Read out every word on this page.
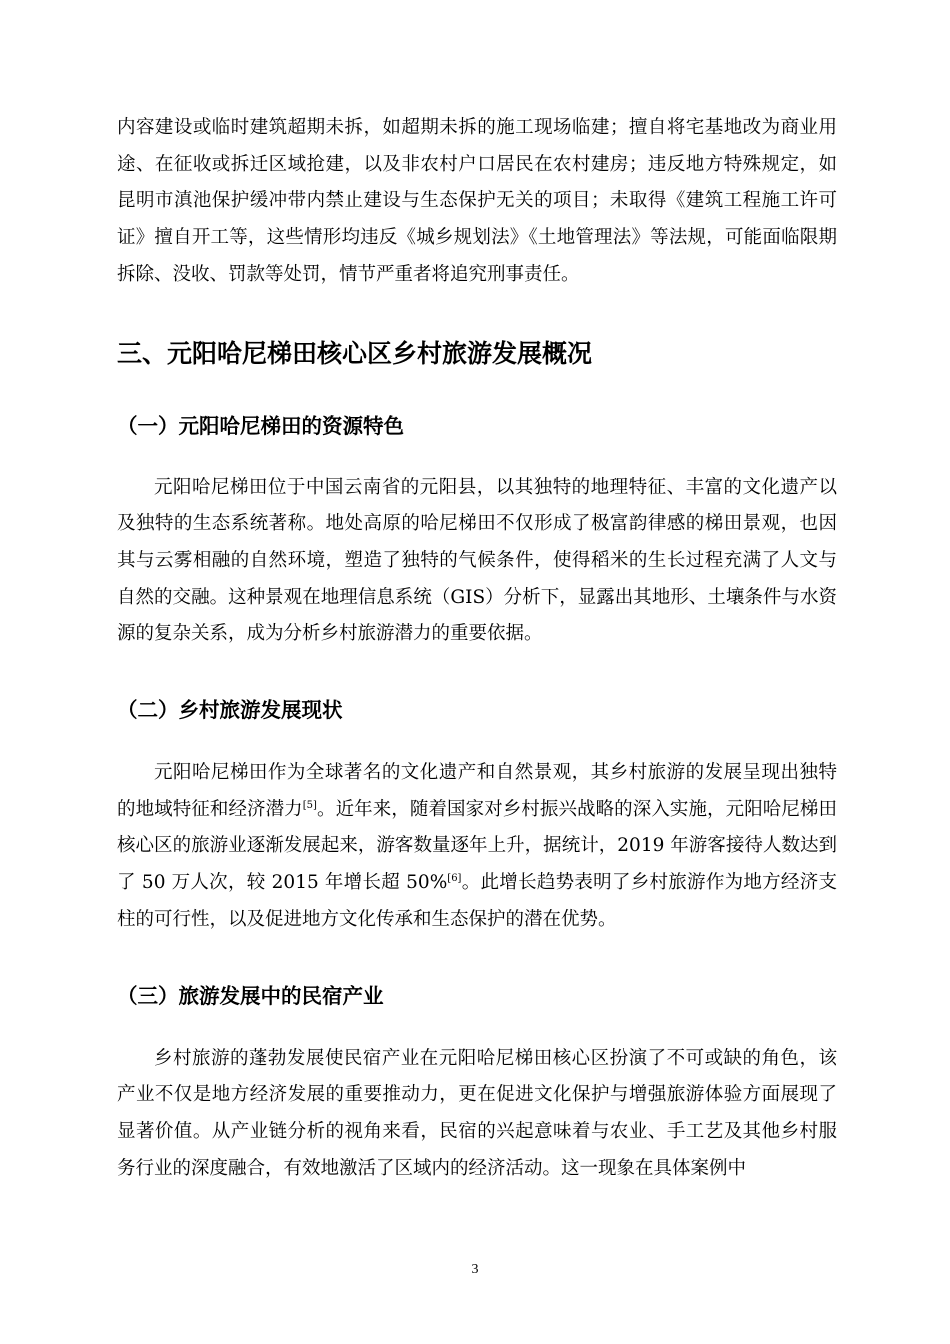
内容建设或临时建筑超期未拆，如超期未拆的施工现场临建；擅自将宅基地改为商业用途、在征收或拆迁区域抢建，以及非农村户口居民在农村建房；违反地方特殊规定，如昆明市滇池保护缓冲带内禁止建设与生态保护无关的项目；未取得《建筑工程施工许可证》擅自开工等，这些情形均违反《城乡规划法》《土地管理法》等法规，可能面临限期拆除、没收、罚款等处罚，情节严重者将追究刑事责任。

三、元阳哈尼梯田核心区乡村旅游发展概况
（一）元阳哈尼梯田的资源特色

元阳哈尼梯田位于中国云南省的元阳县，以其独特的地理特征、丰富的文化遗产以及独特的生态系统著称。地处高原的哈尼梯田不仅形成了极富韵律感的梯田景观，也因其与云雾相融的自然环境，塑造了独特的气候条件，使得稻米的生长过程充满了人文与自然的交融。这种景观在地理信息系统（GIS）分析下，显露出其地形、土壤条件与水资源的复杂关系，成为分析乡村旅游潜力的重要依据。

（二）乡村旅游发展现状

元阳哈尼梯田作为全球著名的文化遗产和自然景观，其乡村旅游的发展呈现出独特的地域特征和经济潜力[5]。近年来，随着国家对乡村振兴战略的深入实施，元阳哈尼梯田核心区的旅游业逐渐发展起来，游客数量逐年上升，据统计，2019 年游客接待人数达到了 50 万人次，较 2015 年增长超 50%[6]。此增长趋势表明了乡村旅游作为地方经济支柱的可行性，以及促进地方文化传承和生态保护的潜在优势。

（三）旅游发展中的民宿产业

乡村旅游的蓬勃发展使民宿产业在元阳哈尼梯田核心区扮演了不可或缺的角色，该产业不仅是地方经济发展的重要推动力，更在促进文化保护与增强旅游体验方面展现了显著价值。从产业链分析的视角来看，民宿的兴起意味着与农业、手工艺及其他乡村服务行业的深度融合，有效地激活了区域内的经济活动。这一现象在具体案例中

3
